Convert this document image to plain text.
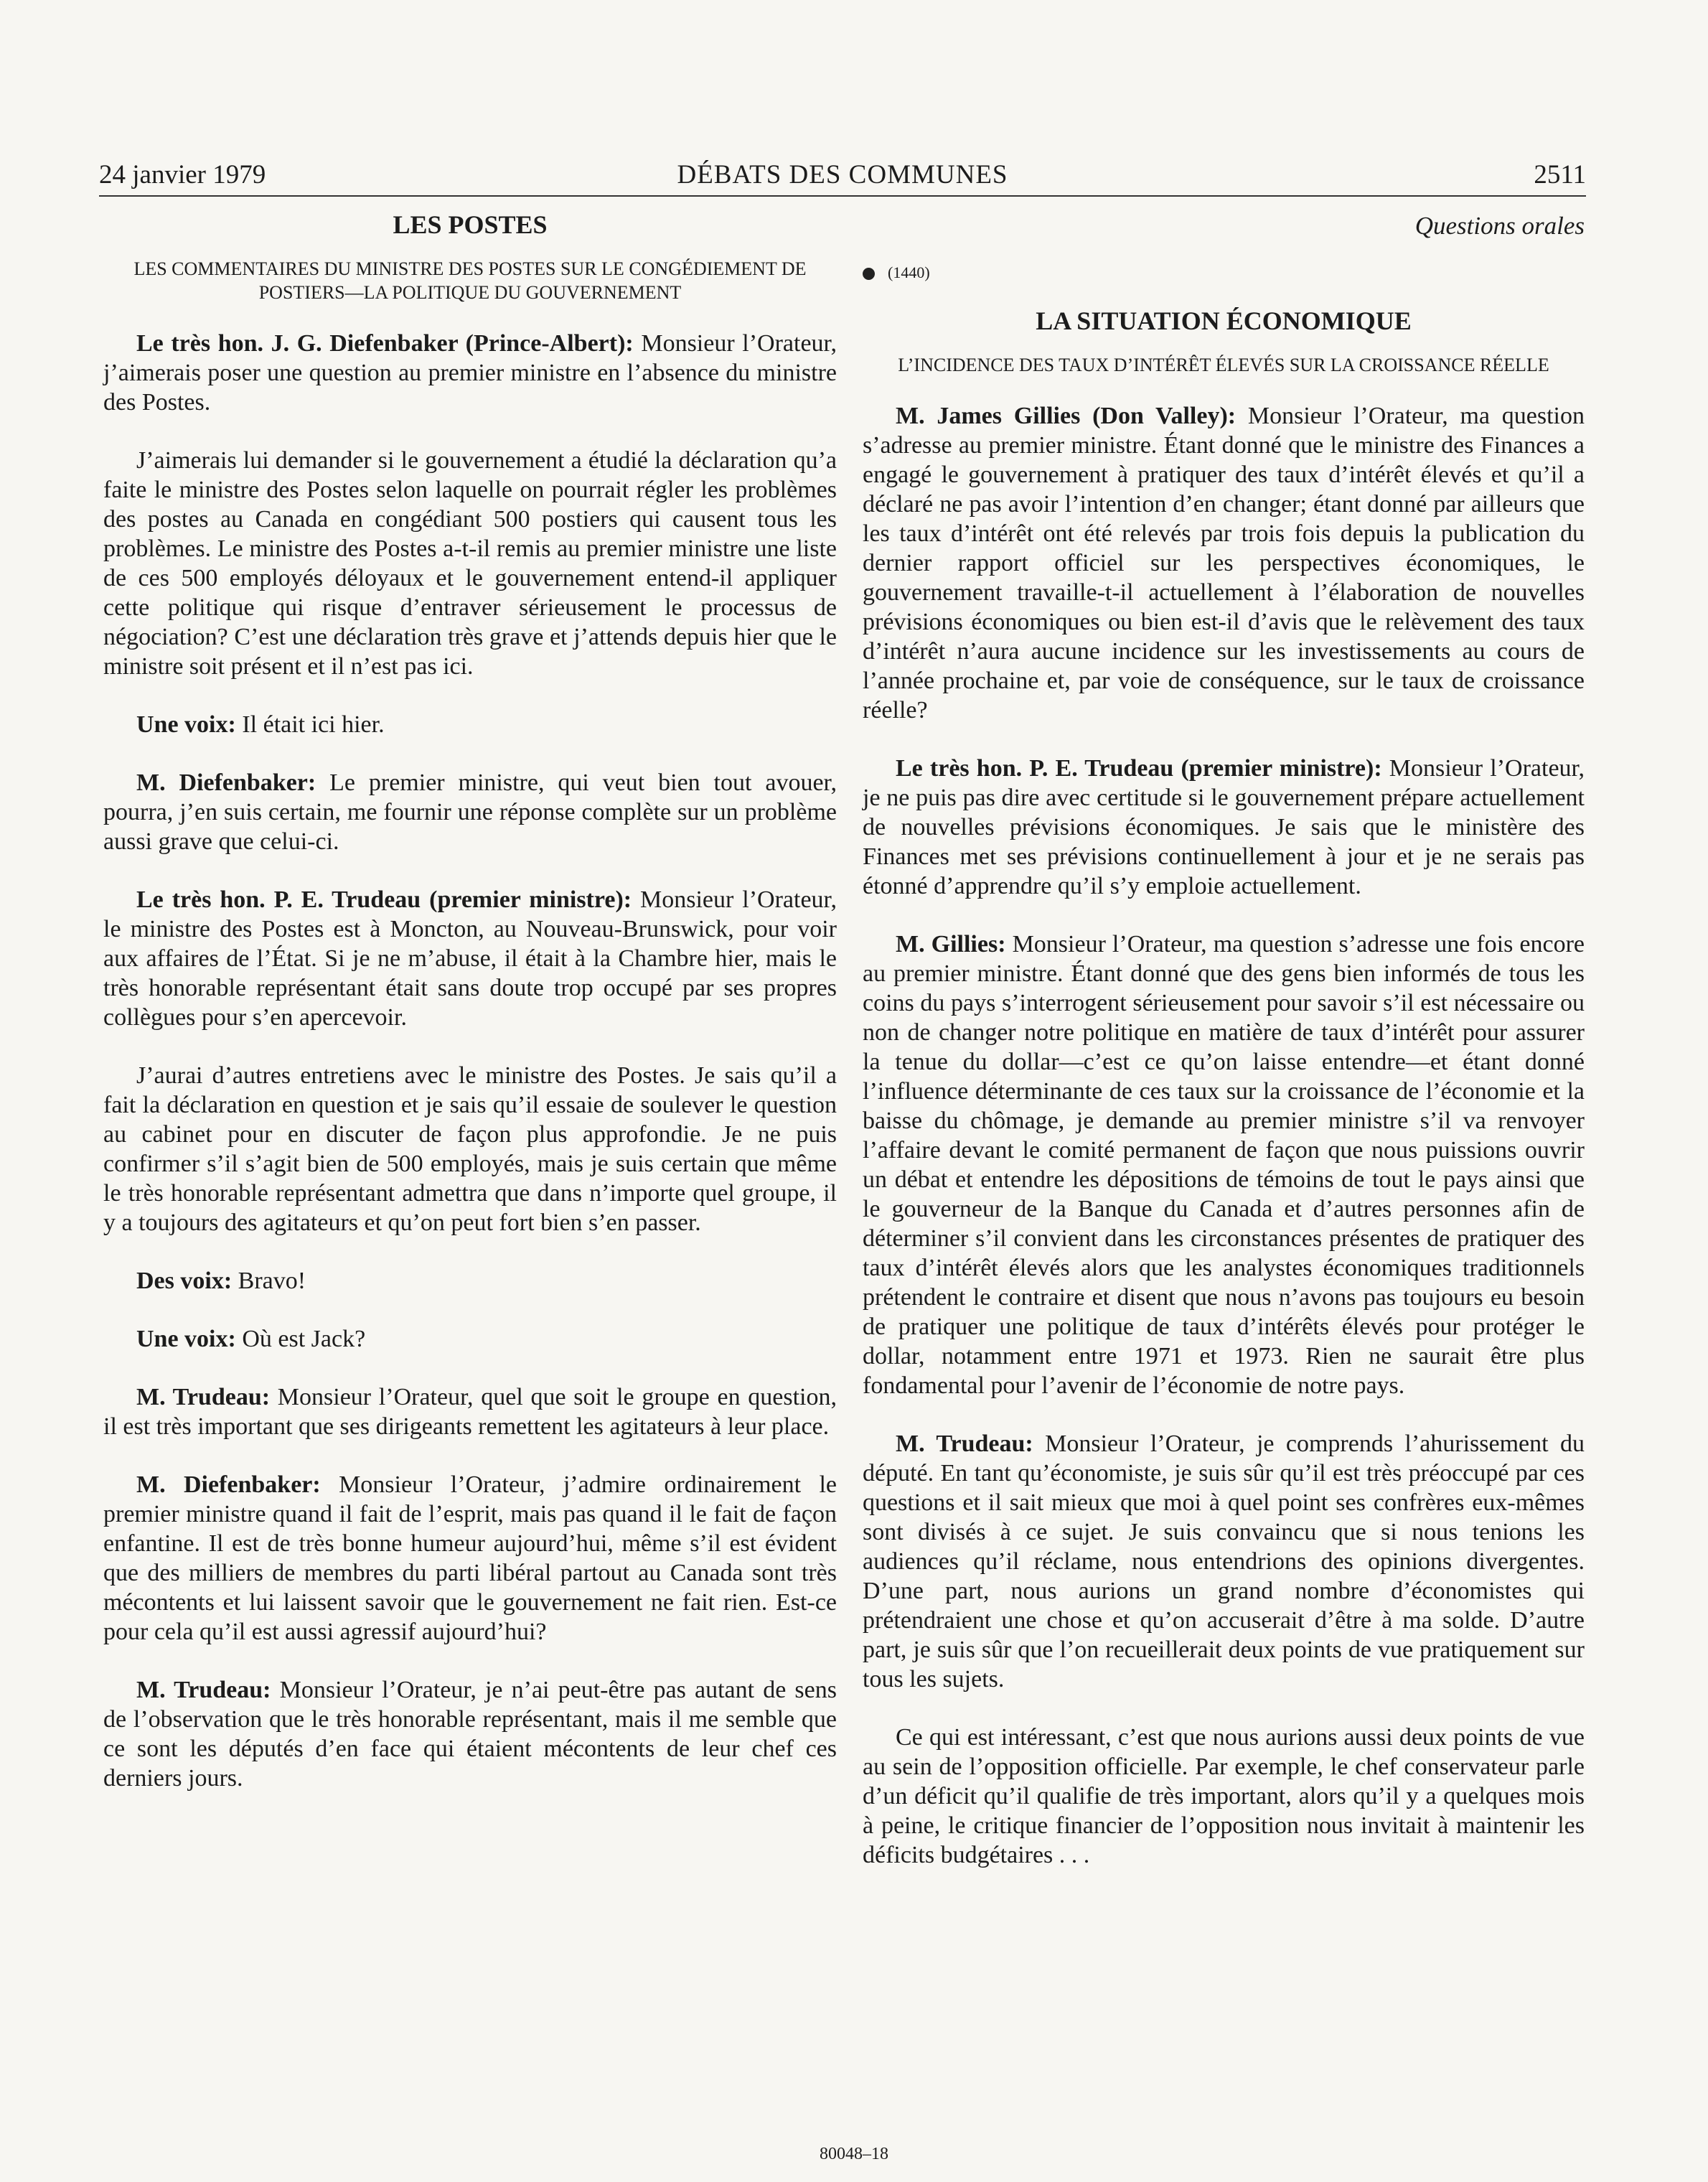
24 janvier 1979	DÉBATS DES COMMUNES	2511
LES POSTES
LES COMMENTAIRES DU MINISTRE DES POSTES SUR LE CONGÉDIEMENT DE POSTIERS—LA POLITIQUE DU GOUVERNEMENT

Le très hon. J. G. Diefenbaker (Prince-Albert): Monsieur l’Orateur, j’aimerais poser une question au premier ministre en l’absence du ministre des Postes.

J’aimerais lui demander si le gouvernement a étudié la déclaration qu’a faite le ministre des Postes selon laquelle on pourrait régler les problèmes des postes au Canada en congédiant 500 postiers qui causent tous les problèmes. Le ministre des Postes a-t-il remis au premier ministre une liste de ces 500 employés déloyaux et le gouvernement entend-il appliquer cette politique qui risque d’entraver sérieusement le processus de négociation? C’est une déclaration très grave et j’attends depuis hier que le ministre soit présent et il n’est pas ici.

Une voix: Il était ici hier.

M. Diefenbaker: Le premier ministre, qui veut bien tout avouer, pourra, j’en suis certain, me fournir une réponse complète sur un problème aussi grave que celui-ci.

Le très hon. P. E. Trudeau (premier ministre): Monsieur l’Orateur, le ministre des Postes est à Moncton, au Nouveau-Brunswick, pour voir aux affaires de l’État. Si je ne m’abuse, il était à la Chambre hier, mais le très honorable représentant était sans doute trop occupé par ses propres collègues pour s’en apercevoir.

J’aurai d’autres entretiens avec le ministre des Postes. Je sais qu’il a fait la déclaration en question et je sais qu’il essaie de soulever le question au cabinet pour en discuter de façon plus approfondie. Je ne puis confirmer s’il s’agit bien de 500 employés, mais je suis certain que même le très honorable représentant admettra que dans n’importe quel groupe, il y a toujours des agitateurs et qu’on peut fort bien s’en passer.

Des voix: Bravo!

Une voix: Où est Jack?

M. Trudeau: Monsieur l’Orateur, quel que soit le groupe en question, il est très important que ses dirigeants remettent les agitateurs à leur place.

M. Diefenbaker: Monsieur l’Orateur, j’admire ordinairement le premier ministre quand il fait de l’esprit, mais pas quand il le fait de façon enfantine. Il est de très bonne humeur aujourd’hui, même s’il est évident que des milliers de membres du parti libéral partout au Canada sont très mécontents et lui laissent savoir que le gouvernement ne fait rien. Est-ce pour cela qu’il est aussi agressif aujourd’hui?

M. Trudeau: Monsieur l’Orateur, je n’ai peut-être pas autant de sens de l’observation que le très honorable représentant, mais il me semble que ce sont les députés d’en face qui étaient mécontents de leur chef ces derniers jours.

Questions orales
(1440)
LA SITUATION ÉCONOMIQUE
L’INCIDENCE DES TAUX D’INTÉRÊT ÉLEVÉS SUR LA CROISSANCE RÉELLE

M. James Gillies (Don Valley): Monsieur l’Orateur, ma question s’adresse au premier ministre. Étant donné que le ministre des Finances a engagé le gouvernement à pratiquer des taux d’intérêt élevés et qu’il a déclaré ne pas avoir l’intention d’en changer; étant donné par ailleurs que les taux d’intérêt ont été relevés par trois fois depuis la publication du dernier rapport officiel sur les perspectives économiques, le gouvernement travaille-t-il actuellement à l’élaboration de nouvelles prévisions économiques ou bien est-il d’avis que le relèvement des taux d’intérêt n’aura aucune incidence sur les investissements au cours de l’année prochaine et, par voie de conséquence, sur le taux de croissance réelle?

Le très hon. P. E. Trudeau (premier ministre): Monsieur l’Orateur, je ne puis pas dire avec certitude si le gouvernement prépare actuellement de nouvelles prévisions économiques. Je sais que le ministère des Finances met ses prévisions continuellement à jour et je ne serais pas étonné d’apprendre qu’il s’y emploie actuellement.

M. Gillies: Monsieur l’Orateur, ma question s’adresse une fois encore au premier ministre. Étant donné que des gens bien informés de tous les coins du pays s’interrogent sérieusement pour savoir s’il est nécessaire ou non de changer notre politique en matière de taux d’intérêt pour assurer la tenue du dollar—c’est ce qu’on laisse entendre—et étant donné l’influence déterminante de ces taux sur la croissance de l’économie et la baisse du chômage, je demande au premier ministre s’il va renvoyer l’affaire devant le comité permanent de façon que nous puissions ouvrir un débat et entendre les dépositions de témoins de tout le pays ainsi que le gouverneur de la Banque du Canada et d’autres personnes afin de déterminer s’il convient dans les circonstances présentes de pratiquer des taux d’intérêt élevés alors que les analystes économiques traditionnels prétendent le contraire et disent que nous n’avons pas toujours eu besoin de pratiquer une politique de taux d’intérêts élevés pour protéger le dollar, notamment entre 1971 et 1973. Rien ne saurait être plus fondamental pour l’avenir de l’économie de notre pays.

M. Trudeau: Monsieur l’Orateur, je comprends l’ahurissement du député. En tant qu’économiste, je suis sûr qu’il est très préoccupé par ces questions et il sait mieux que moi à quel point ses confrères eux-mêmes sont divisés à ce sujet. Je suis convaincu que si nous tenions les audiences qu’il réclame, nous entendrions des opinions divergentes. D’une part, nous aurions un grand nombre d’économistes qui prétendraient une chose et qu’on accuserait d’être à ma solde. D’autre part, je suis sûr que l’on recueillerait deux points de vue pratiquement sur tous les sujets.

Ce qui est intéressant, c’est que nous aurions aussi deux points de vue au sein de l’opposition officielle. Par exemple, le chef conservateur parle d’un déficit qu’il qualifie de très important, alors qu’il y a quelques mois à peine, le critique financier de l’opposition nous invitait à maintenir les déficits budgétaires . . .

80048–18
